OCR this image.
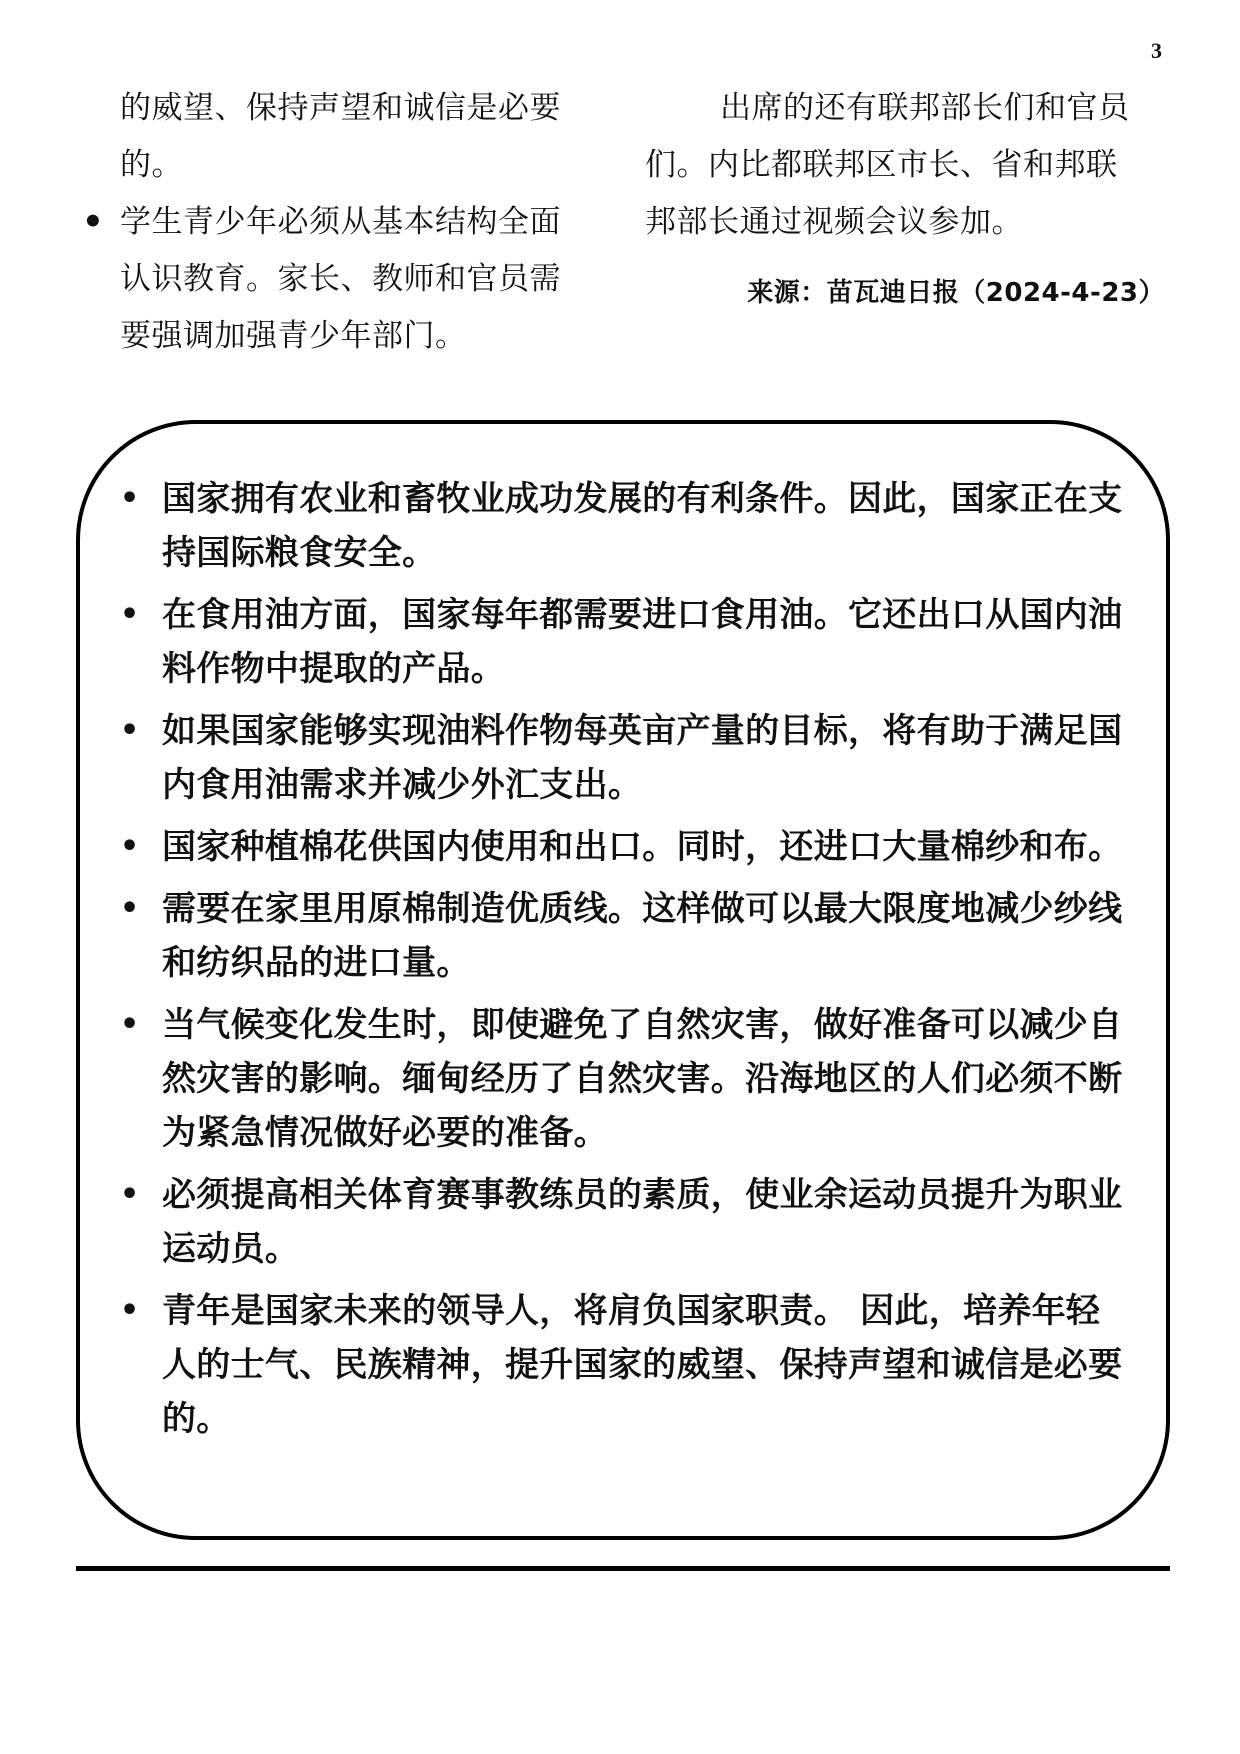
3
的威望、保持声望和诚信是必要
的。
• 学生青少年必须从基本结构全面
认识教育。家长、教师和官员需
要强调加强青少年部门。
出席的还有联邦部长们和官员
们。内比都联邦区市长、省和邦联
邦部长通过视频会议参加。
来源：苗瓦迪日报（2024-4-23）
• 国家拥有农业和畜牧业成功发展的有利条件。因此，国家正在支持国际粮食安全。
• 在食用油方面，国家每年都需要进口食用油。它还出口从国内油料作物中提取的产品。
• 如果国家能够实现油料作物每英亩产量的目标，将有助于满足国内食用油需求并减少外汇支出。
• 国家种植棉花供国内使用和出口。同时，还进口大量棉纱和布。
• 需要在家里用原棉制造优质线。这样做可以最大限度地减少纱线和纺织品的进口量。
• 当气候变化发生时，即使避免了自然灾害，做好准备可以减少自然灾害的影响。缅甸经历了自然灾害。沿海地区的人们必须不断为紧急情况做好必要的准备。
• 必须提高相关体育赛事教练员的素质，使业余运动员提升为职业运动员。
• 青年是国家未来的领导人，将肩负国家职责。 因此，培养年轻人的士气、民族精神，提升国家的威望、保持声望和诚信是必要的。
